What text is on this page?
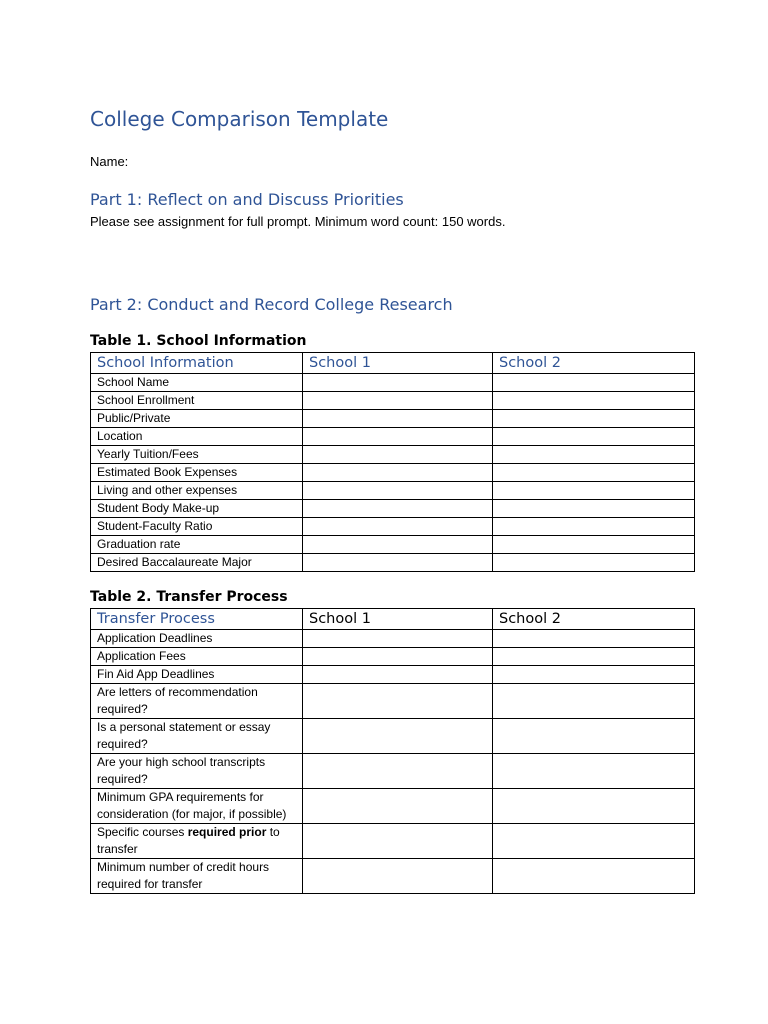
College Comparison Template
Name:
Part 1: Reflect on and Discuss Priorities
Please see assignment for full prompt. Minimum word count: 150 words.
Part 2: Conduct and Record College Research
Table 1. School Information
School Information	School 1	School 2
School Name		
School Enrollment		
Public/Private		
Location		
Yearly Tuition/Fees		
Estimated Book Expenses		
Living and other expenses		
Student Body Make-up		
Student-Faculty Ratio		
Graduation rate		
Desired Baccalaureate Major		
Table 2. Transfer Process
Transfer Process	School 1	School 2
Application Deadlines		
Application Fees		
Fin Aid App Deadlines		
Are letters of recommendation required?		
Is a personal statement or essay required?		
Are your high school transcripts required?		
Minimum GPA requirements for consideration (for major, if possible)		
Specific courses required prior to transfer		
Minimum number of credit hours required for transfer		
